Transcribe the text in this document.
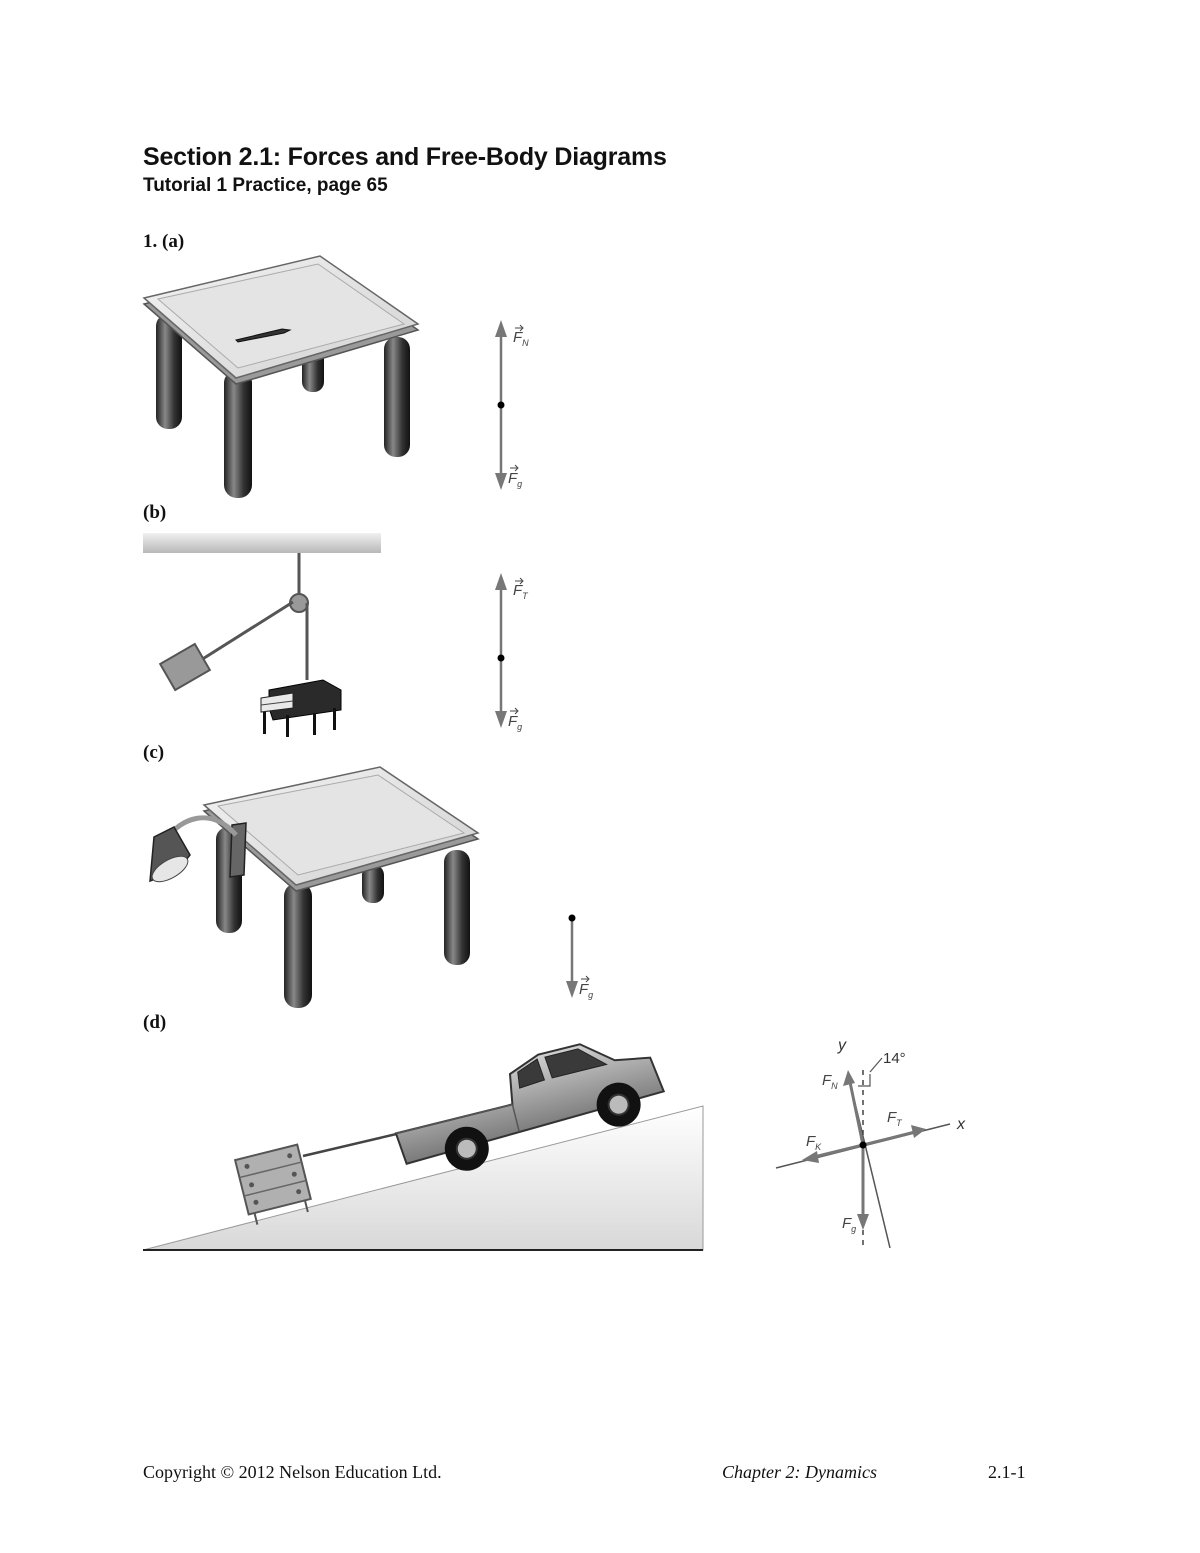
Section 2.1: Forces and Free-Body Diagrams
Tutorial 1 Practice, page 65
1. (a)
(b)
(c)
(d)
$F_N$
$F_g$
$F_T$
$F_g$
$F_g$
14°
y
x
$F_N$
$F_T$
$F_K$
$F_g$
Copyright © 2012 Nelson Education Ltd.	Chapter 2: Dynamics	2.1-1
